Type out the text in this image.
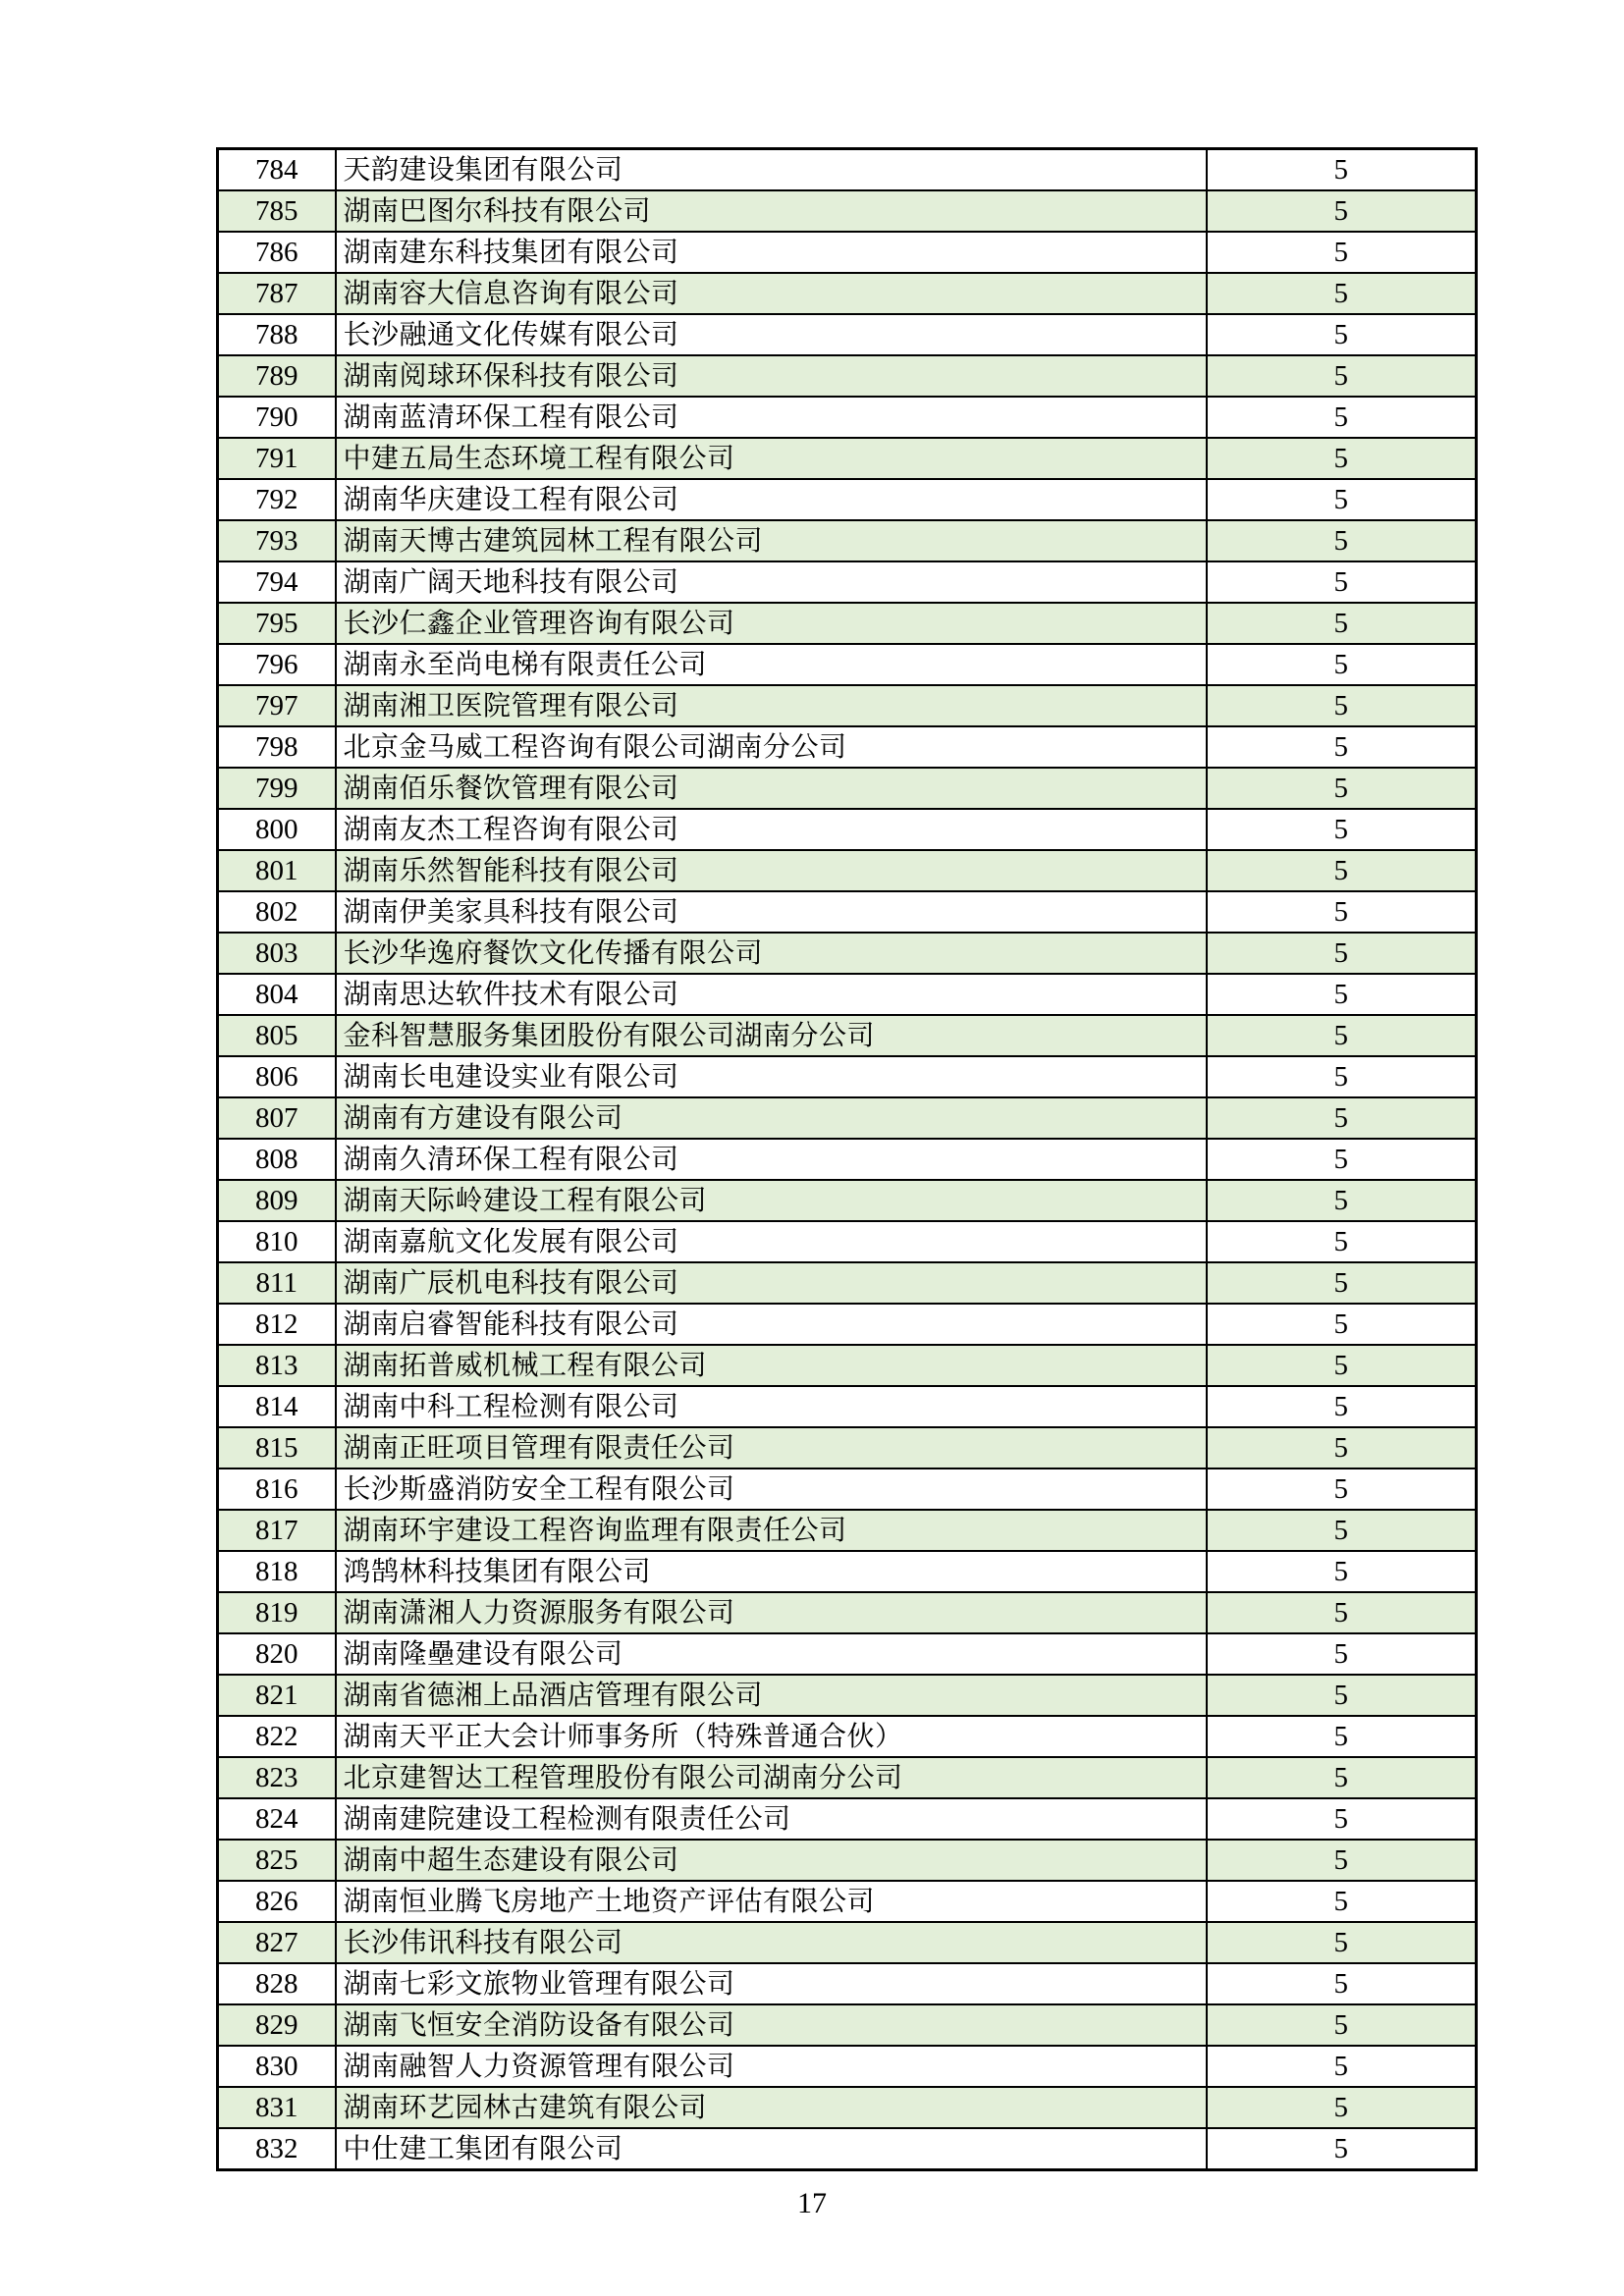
784	天韵建设集团有限公司	5
785	湖南巴图尔科技有限公司	5
786	湖南建东科技集团有限公司	5
787	湖南容大信息咨询有限公司	5
788	长沙融通文化传媒有限公司	5
789	湖南阅球环保科技有限公司	5
790	湖南蓝清环保工程有限公司	5
791	中建五局生态环境工程有限公司	5
792	湖南华庆建设工程有限公司	5
793	湖南天博古建筑园林工程有限公司	5
794	湖南广阔天地科技有限公司	5
795	长沙仁鑫企业管理咨询有限公司	5
796	湖南永至尚电梯有限责任公司	5
797	湖南湘卫医院管理有限公司	5
798	北京金马威工程咨询有限公司湖南分公司	5
799	湖南佰乐餐饮管理有限公司	5
800	湖南友杰工程咨询有限公司	5
801	湖南乐然智能科技有限公司	5
802	湖南伊美家具科技有限公司	5
803	长沙华逸府餐饮文化传播有限公司	5
804	湖南思达软件技术有限公司	5
805	金科智慧服务集团股份有限公司湖南分公司	5
806	湖南长电建设实业有限公司	5
807	湖南有方建设有限公司	5
808	湖南久清环保工程有限公司	5
809	湖南天际岭建设工程有限公司	5
810	湖南嘉航文化发展有限公司	5
811	湖南广辰机电科技有限公司	5
812	湖南启睿智能科技有限公司	5
813	湖南拓普威机械工程有限公司	5
814	湖南中科工程检测有限公司	5
815	湖南正旺项目管理有限责任公司	5
816	长沙斯盛消防安全工程有限公司	5
817	湖南环宇建设工程咨询监理有限责任公司	5
818	鸿鹄林科技集团有限公司	5
819	湖南潇湘人力资源服务有限公司	5
820	湖南隆壘建设有限公司	5
821	湖南省德湘上品酒店管理有限公司	5
822	湖南天平正大会计师事务所（特殊普通合伙）	5
823	北京建智达工程管理股份有限公司湖南分公司	5
824	湖南建院建设工程检测有限责任公司	5
825	湖南中超生态建设有限公司	5
826	湖南恒业腾飞房地产土地资产评估有限公司	5
827	长沙伟讯科技有限公司	5
828	湖南七彩文旅物业管理有限公司	5
829	湖南飞恒安全消防设备有限公司	5
830	湖南融智人力资源管理有限公司	5
831	湖南环艺园林古建筑有限公司	5
832	中仕建工集团有限公司	5
17
